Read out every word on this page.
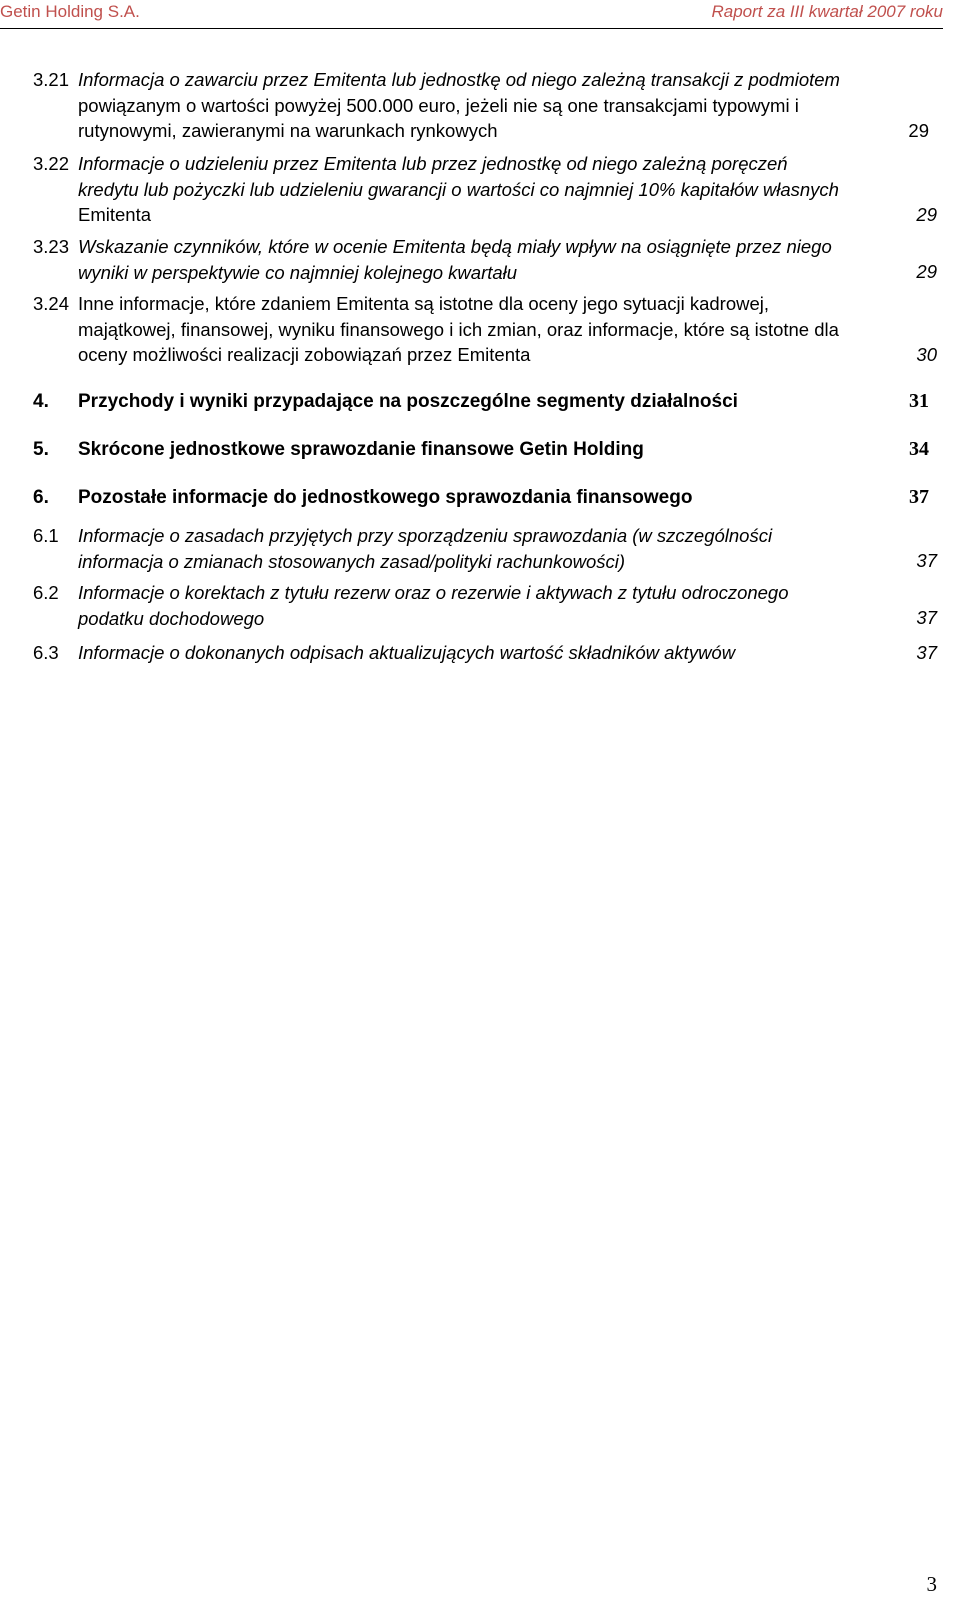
Getin Holding S.A.	Raport za III kwartał 2007 roku
3.21 Informacja o zawarciu przez Emitenta lub jednostkę od niego zależną transakcji z podmiotem
powiązanym o wartości powyżej 500.000 euro, jeżeli nie są one transakcjami typowymi i
rutynowymi, zawieranymi na warunkach rynkowych	29
3.22 Informacje o udzieleniu przez Emitenta lub przez jednostkę od niego zależną poręczeń
kredytu lub pożyczki lub udzieleniu gwarancji o wartości co najmniej 10% kapitałów własnych
Emitenta	29
3.23 Wskazanie czynników, które w ocenie Emitenta będą miały wpływ na osiągnięte przez niego
wyniki w perspektywie co najmniej kolejnego kwartału	29
3.24 Inne informacje, które zdaniem Emitenta są istotne dla oceny jego sytuacji kadrowej,
majątkowej, finansowej, wyniku finansowego i ich zmian, oraz informacje, które są istotne dla
oceny możliwości realizacji zobowiązań przez Emitenta	30
4. Przychody i wyniki przypadające na poszczególne segmenty działalności	31
5. Skrócone jednostkowe sprawozdanie finansowe Getin Holding	34
6. Pozostałe informacje do jednostkowego sprawozdania finansowego	37
6.1 Informacje o zasadach przyjętych przy sporządzeniu sprawozdania (w szczególności
informacja o zmianach stosowanych zasad/polityki rachunkowości)	37
6.2 Informacje o korektach z tytułu rezerw oraz o rezerwie i aktywach z tytułu odroczonego
podatku dochodowego	37
6.3 Informacje o dokonanych odpisach aktualizujących wartość składników aktywów	37
3
